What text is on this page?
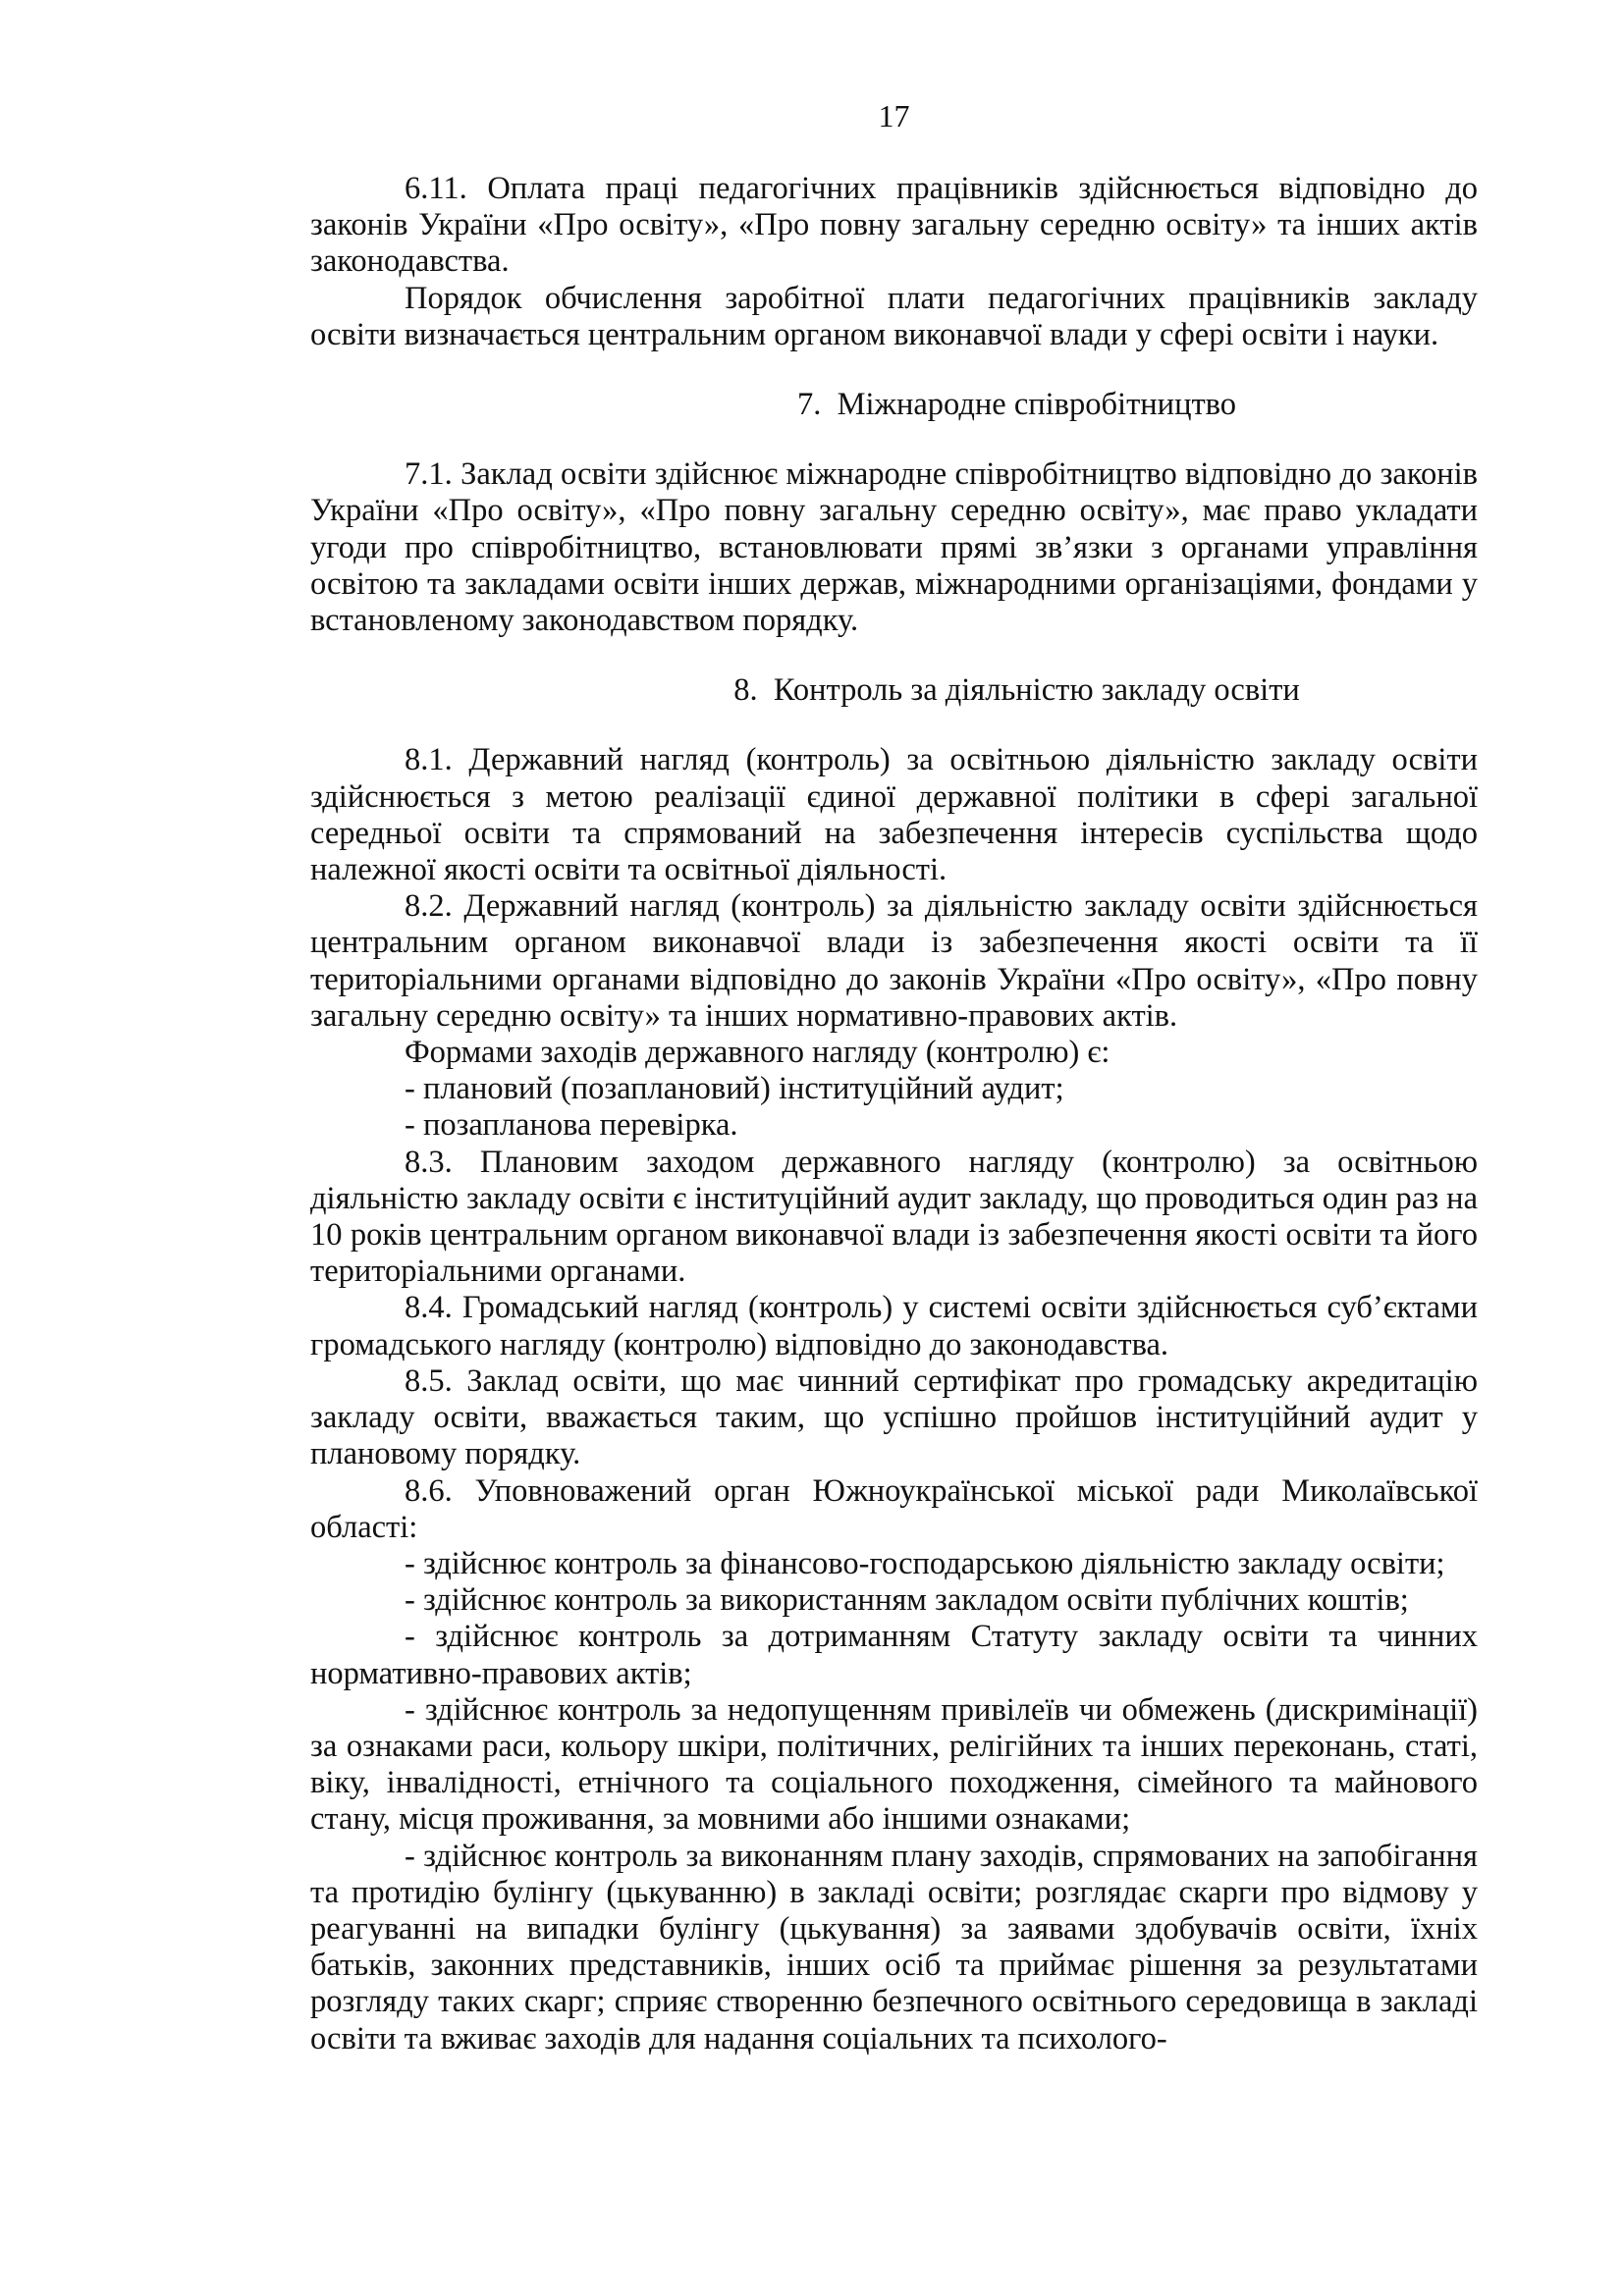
17

6.11. Оплата праці педагогічних працівників здійснюється відповідно до законів України «Про освіту», «Про повну загальну середню освіту» та інших актів законодавства.

Порядок обчислення заробітної плати педагогічних працівників закладу освіти визначається центральним органом виконавчої влади у сфері освіти і науки.

7. Міжнародне співробітництво

7.1. Заклад освіти здійснює міжнародне співробітництво відповідно до законів України «Про освіту», «Про повну загальну середню освіту», має право укладати угоди про співробітництво, встановлювати прямі зв’язки з органами управління освітою та закладами освіти інших держав, міжнародними організаціями, фондами у встановленому законодавством порядку.

8. Контроль за діяльністю закладу освіти

8.1. Державний нагляд (контроль) за освітньою діяльністю закладу освіти здійснюється з метою реалізації єдиної державної політики в сфері загальної середньої освіти та спрямований на забезпечення інтересів суспільства щодо належної якості освіти та освітньої діяльності.

8.2. Державний нагляд (контроль) за діяльністю закладу освіти здійснюється центральним органом виконавчої влади із забезпечення якості освіти та її територіальними органами відповідно до законів України «Про освіту», «Про повну загальну середню освіту» та інших нормативно-правових актів.

Формами заходів державного нагляду (контролю) є:

- плановий (позаплановий) інституційний аудит;

- позапланова перевірка.

8.3. Плановим заходом державного нагляду (контролю) за освітньою діяльністю закладу освіти є інституційний аудит закладу, що проводиться один раз на 10 років центральним органом виконавчої влади із забезпечення якості освіти та його територіальними органами.

8.4. Громадський нагляд (контроль) у системі освіти здійснюється суб’єктами громадського нагляду (контролю) відповідно до законодавства.

8.5. Заклад освіти, що має чинний сертифікат про громадську акредитацію закладу освіти, вважається таким, що успішно пройшов інституційний аудит у плановому порядку.

8.6. Уповноважений орган Южноукраїнської міської ради Миколаївської області:

- здійснює контроль за фінансово-господарською діяльністю закладу освіти;

- здійснює контроль за використанням закладом освіти публічних коштів;

- здійснює контроль за дотриманням Статуту закладу освіти та чинних нормативно-правових актів;

- здійснює контроль за недопущенням привілеїв чи обмежень (дискримінації) за ознаками раси, кольору шкіри, політичних, релігійних та інших переконань, статі, віку, інвалідності, етнічного та соціального походження, сімейного та майнового стану, місця проживання, за мовними або іншими ознаками;

- здійснює контроль за виконанням плану заходів, спрямованих на запобігання та протидію булінгу (цькуванню) в закладі освіти; розглядає скарги про відмову у реагуванні на випадки булінгу (цькування) за заявами здобувачів освіти, їхніх батьків, законних представників, інших осіб та приймає рішення за результатами розгляду таких скарг; сприяє створенню безпечного освітнього середовища в закладі освіти та вживає заходів для надання соціальних та психолого-
